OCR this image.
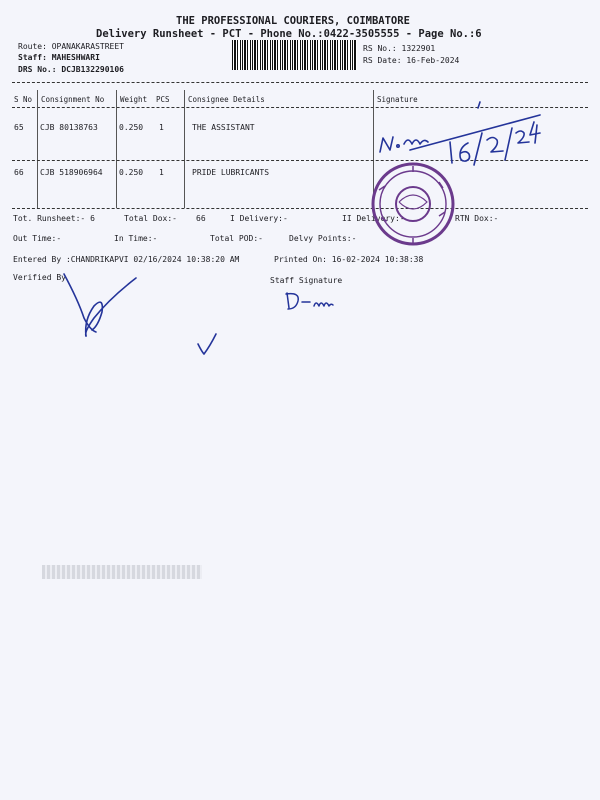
THE PROFESSIONAL COURIERS, COIMBATORE
Delivery Runsheet - PCT - Phone No.:0422-3505555 - Page No.:6
Route: OPANAKARASTREET
Staff: MAHESHWARI
DRS No.: DCJB132290106
RS No.: 1322901
RS Date: 16-Feb-2024
S No Consignment No Weight PCS Consignee Details	Signature
65 CJB 80138763	0.250 1	THE ASSISTANT
66 CJB 518906964 0.250 1	PRIDE LUBRICANTS
Tot. Runsheet:- 6	Total Dox:- 66	I Delivery:-	II Delivery:-	RTN Dox:-
Out Time:-	In Time:-	Total POD:-	Delvy Points:-
Entered By :CHANDRIKAPVI 02/16/2024 10:38:20 AM	Printed On: 16-02-2024 10:38:38
Verified By	Staff Signature
